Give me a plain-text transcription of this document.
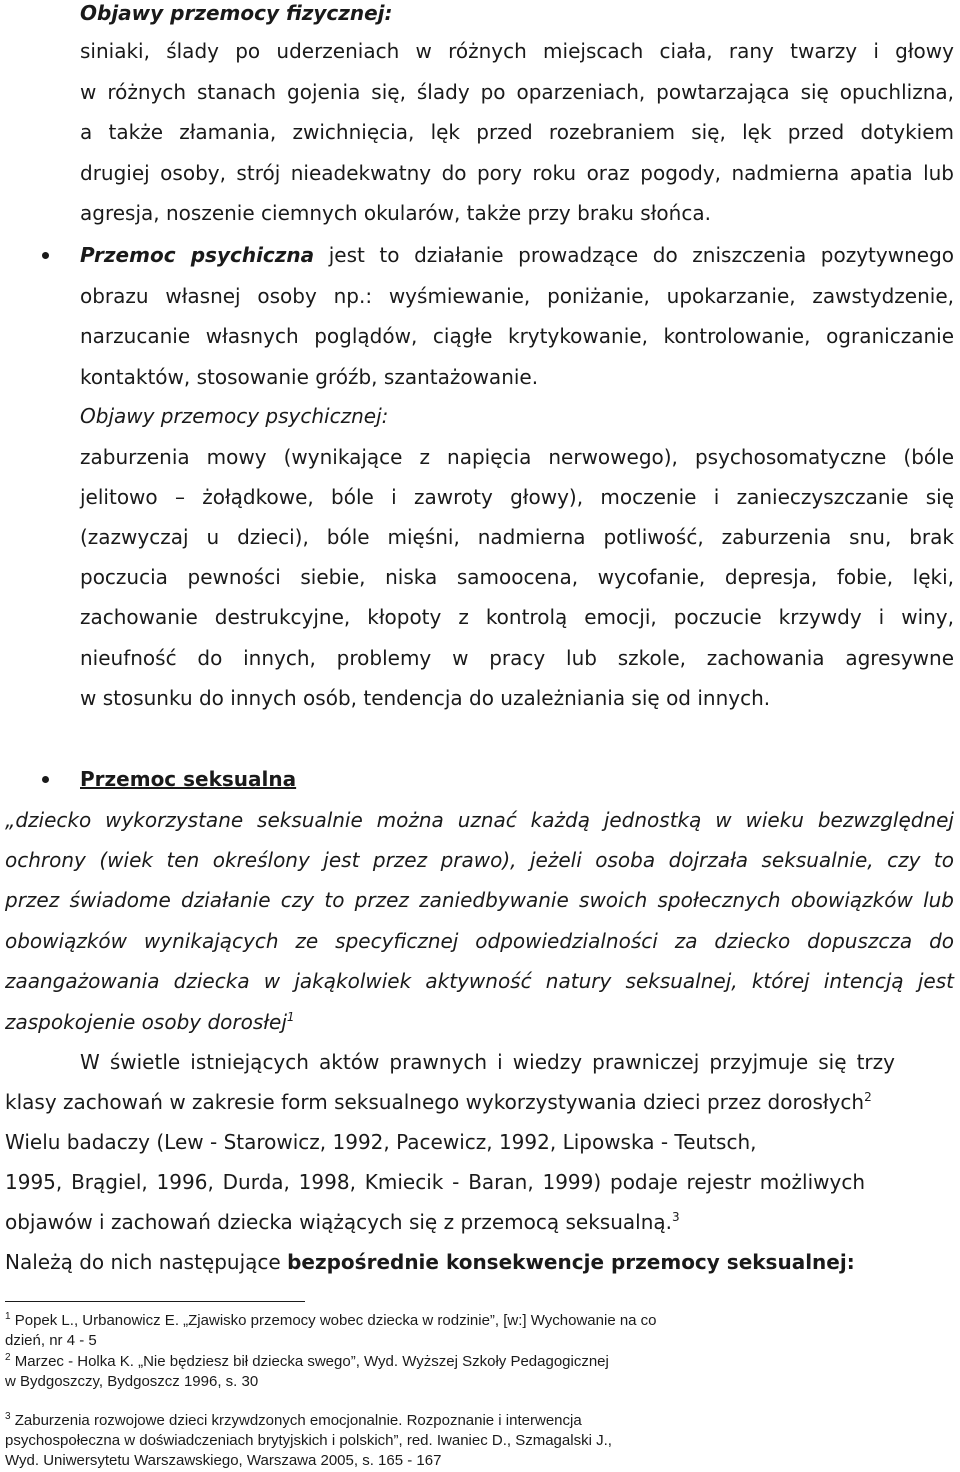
Objawy przemocy fizycznej:
siniaki, ślady po uderzeniach w różnych miejscach ciała, rany twarzy i głowy
w różnych stanach gojenia się, ślady po oparzeniach, powtarzająca się opuchlizna,
a także złamania, zwichnięcia, lęk przed rozebraniem się, lęk przed dotykiem
drugiej osoby, strój nieadekwatny do pory roku oraz pogody, nadmierna apatia lub
agresja, noszenie ciemnych okularów, także przy braku słońca.
Przemoc psychiczna jest to działanie prowadzące do zniszczenia pozytywnego
obrazu własnej osoby np.: wyśmiewanie, poniżanie, upokarzanie, zawstydzenie,
narzucanie własnych poglądów, ciągłe krytykowanie, kontrolowanie, ograniczanie
kontaktów, stosowanie gróźb, szantażowanie.
Objawy przemocy psychicznej:
zaburzenia mowy (wynikające z napięcia nerwowego), psychosomatyczne (bóle
jelitowo – żołądkowe, bóle i zawroty głowy), moczenie i zanieczyszczanie się
(zazwyczaj u dzieci), bóle mięśni, nadmierna potliwość, zaburzenia snu, brak
poczucia pewności siebie, niska samoocena, wycofanie, depresja, fobie, lęki,
zachowanie destrukcyjne, kłopoty z kontrolą emocji, poczucie krzywdy i winy,
nieufność do innych, problemy w pracy lub szkole, zachowania agresywne
w stosunku do innych osób, tendencja do uzależniania się od innych.
Przemoc seksualna
„dziecko wykorzystane seksualnie można uznać każdą jednostką w wieku bezwzględnej
ochrony (wiek ten określony jest przez prawo), jeżeli osoba dojrzała seksualnie, czy to
przez świadome działanie czy to przez zaniedbywanie swoich społecznych obowiązków lub
obowiązków wynikających ze specyficznej odpowiedzialności za dziecko dopuszcza do
zaangażowania dziecka w jakąkolwiek aktywność natury seksualnej, której intencją jest
zaspokojenie osoby dorosłej$^1$
W świetle istniejących aktów prawnych i wiedzy prawniczej przyjmuje się trzy
klasy zachowań w zakresie form seksualnego wykorzystywania dzieci przez dorosłych$^2$
Wielu badaczy (Lew - Starowicz, 1992, Pacewicz, 1992, Lipowska - Teutsch,
1995, Brągiel, 1996, Durda, 1998, Kmiecik - Baran, 1999) podaje rejestr możliwych
objawów i zachowań dziecka wiążących się z przemocą seksualną.$^3$
Należą do nich następujące bezpośrednie konsekwencje przemocy seksualnej:
$^1$ Popek L., Urbanowicz E. „Zjawisko przemocy wobec dziecka w rodzinie”, [w:] Wychowanie na co
dzień, nr 4 - 5
$^2$ Marzec - Holka K. „Nie będziesz bił dziecka swego”, Wyd. Wyższej Szkoły Pedagogicznej
w Bydgoszczy, Bydgoszcz 1996, s. 30
$^3$ Zaburzenia rozwojowe dzieci krzywdzonych emocjonalnie. Rozpoznanie i interwencja
psychospołeczna w doświadczeniach brytyjskich i polskich”, red. Iwaniec D., Szmagalski J.,
Wyd. Uniwersytetu Warszawskiego, Warszawa 2005, s. 165 - 167
